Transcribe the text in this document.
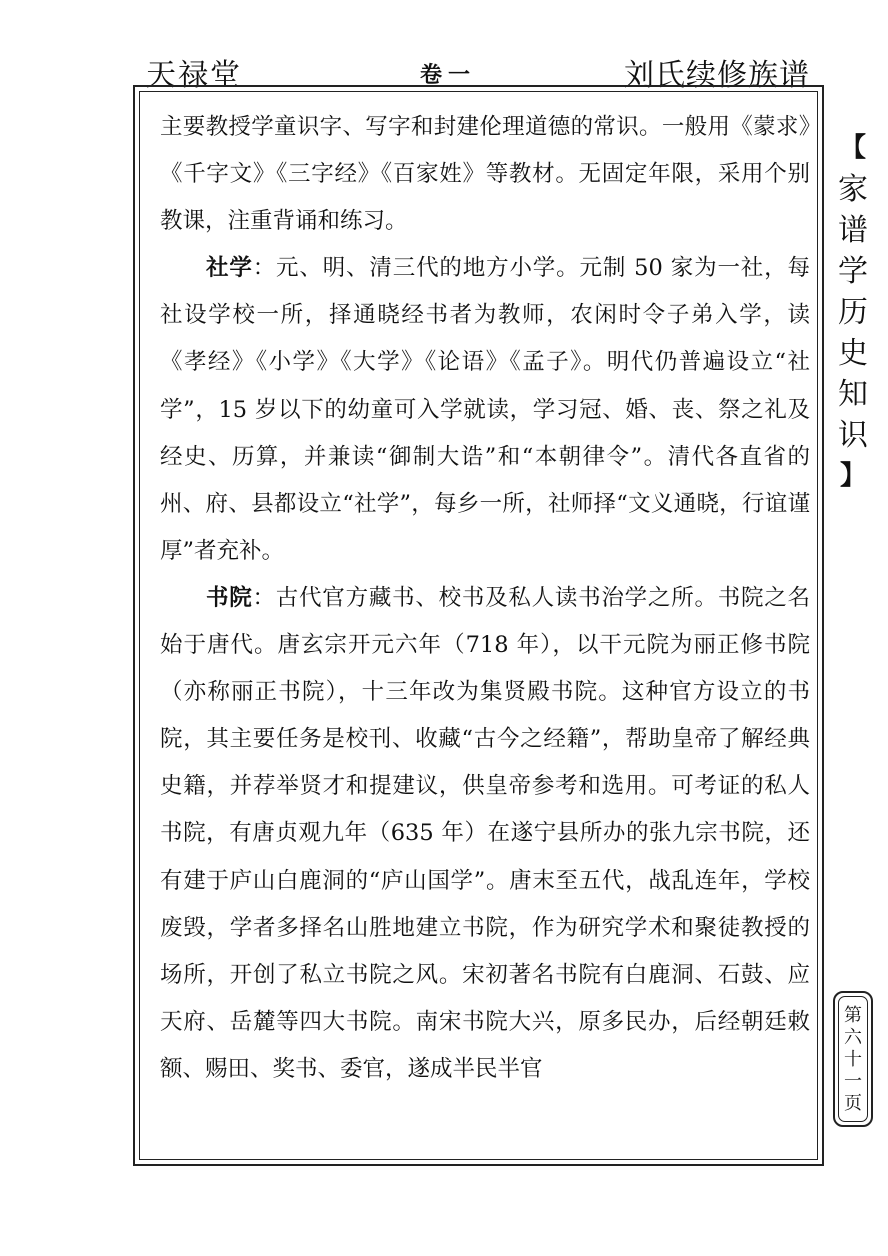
天禄堂	卷一	刘氏续修族谱

主要教授学童识字、写字和封建伦理道德的常识。一般用《蒙求》《千字文》《三字经》《百家姓》等教材。无固定年限，采用个别教课，注重背诵和练习。

社学：元、明、清三代的地方小学。元制 50 家为一社，每社设学校一所，择通晓经书者为教师，农闲时令子弟入学，读《孝经》《小学》《大学》《论语》《孟子》。明代仍普遍设立“社学”，15 岁以下的幼童可入学就读，学习冠、婚、丧、祭之礼及经史、历算，并兼读“御制大诰”和“本朝律令”。清代各直省的州、府、县都设立“社学”，每乡一所，社师择“文义通晓，行谊谨厚”者充补。

书院：古代官方藏书、校书及私人读书治学之所。书院之名始于唐代。唐玄宗开元六年（718 年），以干元院为丽正修书院（亦称丽正书院），十三年改为集贤殿书院。这种官方设立的书院，其主要任务是校刊、收藏“古今之经籍”，帮助皇帝了解经典史籍，并荐举贤才和提建议，供皇帝参考和选用。可考证的私人书院，有唐贞观九年（635 年）在遂宁县所办的张九宗书院，还有建于庐山白鹿洞的“庐山国学”。唐末至五代，战乱连年，学校废毁，学者多择名山胜地建立书院，作为研究学术和聚徒教授的场所，开创了私立书院之风。宋初著名书院有白鹿洞、石鼓、应天府、岳麓等四大书院。南宋书院大兴，原多民办，后经朝廷敕额、赐田、奖书、委官，遂成半民半官

【
家
谱
学
历
史
知
识
】
第
六
十
一
页
